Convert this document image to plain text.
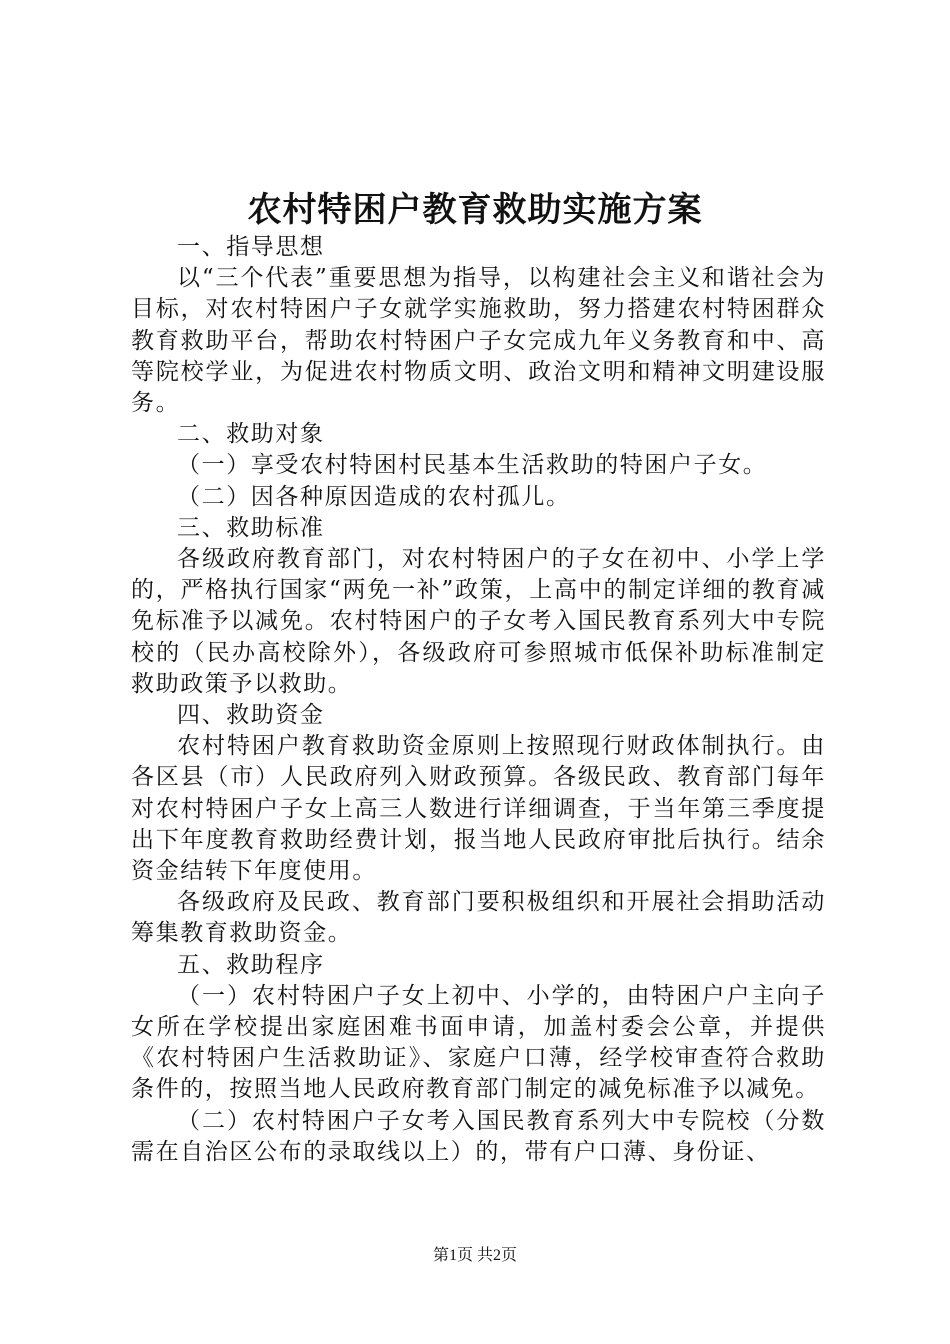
农村特困户教育救助实施方案

一、指导思想

以“三个代表”重要思想为指导，以构建社会主义和谐社会为目标，对农村特困户子女就学实施救助，努力搭建农村特困群众教育救助平台，帮助农村特困户子女完成九年义务教育和中、高等院校学业，为促进农村物质文明、政治文明和精神文明建设服务。

二、救助对象

（一）享受农村特困村民基本生活救助的特困户子女。

（二）因各种原因造成的农村孤儿。

三、救助标准

各级政府教育部门，对农村特困户的子女在初中、小学上学的，严格执行国家“两免一补”政策，上高中的制定详细的教育减免标准予以减免。农村特困户的子女考入国民教育系列大中专院校的（民办高校除外），各级政府可参照城市低保补助标准制定救助政策予以救助。

四、救助资金

农村特困户教育救助资金原则上按照现行财政体制执行。由各区县（市）人民政府列入财政预算。各级民政、教育部门每年对农村特困户子女上高三人数进行详细调查，于当年第三季度提出下年度教育救助经费计划，报当地人民政府审批后执行。结余资金结转下年度使用。

各级政府及民政、教育部门要积极组织和开展社会捐助活动筹集教育救助资金。

五、救助程序

（一）农村特困户子女上初中、小学的，由特困户户主向子女所在学校提出家庭困难书面申请，加盖村委会公章，并提供《农村特困户生活救助证》、家庭户口薄，经学校审查符合救助条件的，按照当地人民政府教育部门制定的减免标准予以减免。

（二）农村特困户子女考入国民教育系列大中专院校（分数需在自治区公布的录取线以上）的，带有户口薄、身份证、

第1页 共2页
